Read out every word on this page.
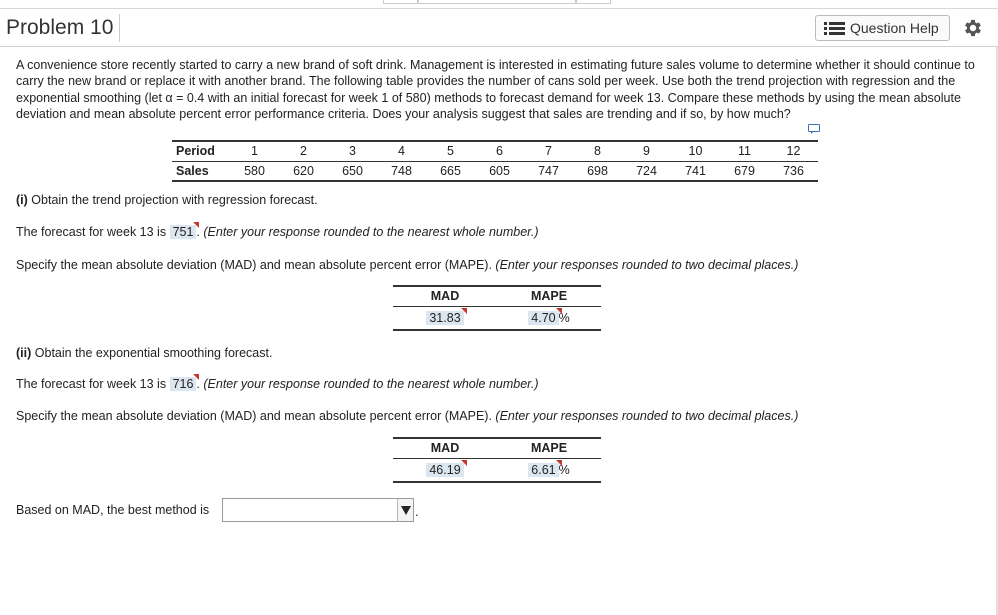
Problem 10	Question Help
A convenience store recently started to carry a new brand of soft drink. Management is interested in estimating future sales volume to determine whether it should continue to carry the new brand or replace it with another brand. The following table provides the number of cans sold per week. Use both the trend projection with regression and the exponential smoothing (let α = 0.4 with an initial forecast for week 1 of 580) methods to forecast demand for week 13. Compare these methods by using the mean absolute deviation and mean absolute percent error performance criteria. Does your analysis suggest that sales are trending and if so, by how much?
Period	1	2	3	4	5	6	7	8	9	10	11	12
Sales	580	620	650	748	665	605	747	698	724	741	679	736
(i) Obtain the trend projection with regression forecast.
The forecast for week 13 is 751 . (Enter your response rounded to the nearest whole number.)
Specify the mean absolute deviation (MAD) and mean absolute percent error (MAPE). (Enter your responses rounded to two decimal places.)
MAD	MAPE
31.83	4.70 %
(ii) Obtain the exponential smoothing forecast.
The forecast for week 13 is 716 . (Enter your response rounded to the nearest whole number.)
Specify the mean absolute deviation (MAD) and mean absolute percent error (MAPE). (Enter your responses rounded to two decimal places.)
MAD	MAPE
46.19	6.61 %
Based on MAD, the best method is	.
